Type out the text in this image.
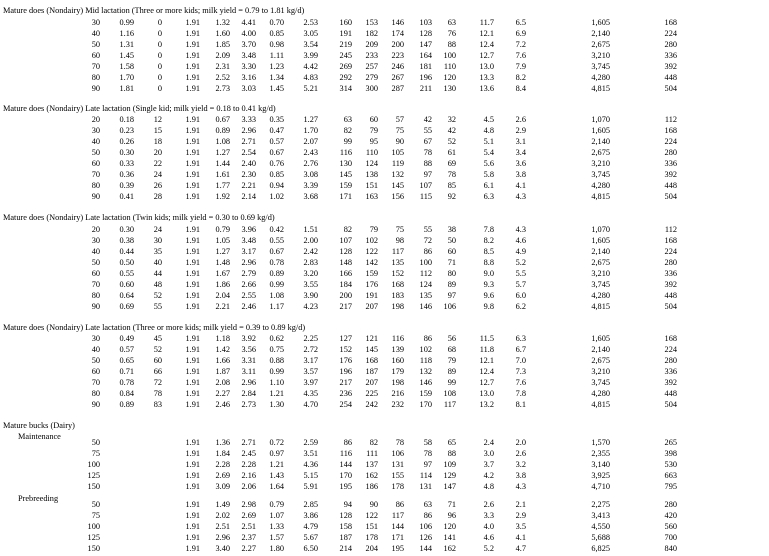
Mature does (Nondairy) Mid lactation (Three or more kids; milk yield = 0.79 to 1.81 kg/d)
30 0.99	0	1.91 1.32 4.41 0.70 2.53	160 153 146 103 63	11.7	6.5	1,605	168
40 1.16	0	1.91 1.60 4.00 0.85 3.05	191 182 174 128 76	12.1	6.9	2,140	224
50 1.31	0	1.91 1.85 3.70 0.98 3.54	219 209 200 147 88	12.4	7.2	2,675	280
60 1.45	0	1.91 2.09 3.48 1.11 3.99	245 233 223 164 100	12.7	7.6	3,210	336
70 1.58	0	1.91 2.31 3.30 1.23 4.42	269 257 246 181 110	13.0	7.9	3,745	392
80 1.70	0	1.91 2.52 3.16 1.34 4.83	292 279 267 196 120	13.3	8.2	4,280	448
90 1.81	0	1.91 2.73 3.03 1.45 5.21	314 300 287 211 130	13.6	8.4	4,815	504
Mature does (Nondairy) Late lactation (Single kid; milk yield = 0.18 to 0.41 kg/d)
20 0.18 12	1.91 0.67 3.33 0.35 1.27	63 60 57 42 32	4.5	2.6	1,070	112
30 0.23 15	1.91 0.89 2.96 0.47 1.70	82 79 75 55 42	4.8	2.9	1,605	168
40 0.26 18	1.91 1.08 2.71 0.57 2.07	99 95 90 67 52	5.1	3.1	2,140	224
50 0.30 20	1.91 1.27 2.54 0.67 2.43	116 110 105 78 61	5.4	3.4	2,675	280
60 0.33 22	1.91 1.44 2.40 0.76 2.76	130 124 119 88 69	5.6	3.6	3,210	336
70 0.36 24	1.91 1.61 2.30 0.85 3.08	145 138 132 97 78	5.8	3.8	3,745	392
80 0.39 26	1.91 1.77 2.21 0.94 3.39	159 151 145 107 85	6.1	4.1	4,280	448
90 0.41 28	1.91 1.92 2.14 1.02 3.68	171 163 156 115 92	6.3	4.3	4,815	504
Mature does (Nondairy) Late lactation (Twin kids; milk yield = 0.30 to 0.69 kg/d)
20 0.30 24	1.91 0.79 3.96 0.42 1.51	82 79 75 55 38	7.8	4.3	1,070	112
30 0.38 30	1.91 1.05 3.48 0.55 2.00	107 102 98 72 50	8.2	4.6	1,605	168
40 0.44 35	1.91 1.27 3.17 0.67 2.42	128 122 117 86 60	8.5	4.9	2,140	224
50 0.50 40	1.91 1.48 2.96 0.78 2.83	148 142 135 100 71	8.8	5.2	2,675	280
60 0.55 44	1.91 1.67 2.79 0.89 3.20	166 159 152 112 80	9.0	5.5	3,210	336
70 0.60 48	1.91 1.86 2.66 0.99 3.55	184 176 168 124 89	9.3	5.7	3,745	392
80 0.64 52	1.91 2.04 2.55 1.08 3.90	200 191 183 135 97	9.6	6.0	4,280	448
90 0.69 55	1.91 2.21 2.46 1.17 4.23	217 207 198 146 106	9.8	6.2	4,815	504
Mature does (Nondairy) Late lactation (Three or more kids; milk yield = 0.39 to 0.89 kg/d)
30 0.49 45	1.91 1.18 3.92 0.62 2.25	127 121 116 86 56	11.5	6.3	1,605	168
40 0.57 52	1.91 1.42 3.56 0.75 2.72	152 145 139 102 68	11.8	6.7	2,140	224
50 0.65 60	1.91 1.66 3.31 0.88 3.17	176 168 160 118 79	12.1	7.0	2,675	280
60 0.71 66	1.91 1.87 3.11 0.99 3.57	196 187 179 132 89	12.4	7.3	3,210	336
70 0.78 72	1.91 2.08 2.96 1.10 3.97	217 207 198 146 99	12.7	7.6	3,745	392
80 0.84 78	1.91 2.27 2.84 1.21 4.35	236 225 216 159 108	13.0	7.8	4,280	448
90 0.89 83	1.91 2.46 2.73 1.30 4.70	254 242 232 170 117	13.2	8.1	4,815	504
Mature bucks (Dairy)
Maintenance
50	1.91 1.36 2.71 0.72 2.59	86 82 78 58 65	2.4	2.0	1,570	265
75	1.91 1.84 2.45 0.97 3.51	116 111 106 78 88	3.0	2.6	2,355	398
100	1.91 2.28 2.28 1.21 4.36	144 137 131 97 109	3.7	3.2	3,140	530
125	1.91 2.69 2.16 1.43 5.15	170 162 155 114 129	4.2	3.8	3,925	663
150	1.91 3.09 2.06 1.64 5.91	195 186 178 131 147	4.8	4.3	4,710	795
Prebreeding
50	1.91 1.49 2.98 0.79 2.85	94 90 86 63 71	2.6	2.1	2,275	280
75	1.91 2.02 2.69 1.07 3.86	128 122 117 86 96	3.3	2.9	3,413	420
100	1.91 2.51 2.51 1.33 4.79	158 151 144 106 120	4.0	3.5	4,550	560
125	1.91 2.96 2.37 1.57 5.67	187 178 171 126 141	4.6	4.1	5,688	700
150	1.91 3.40 2.27 1.80 6.50	214 204 195 144 162	5.2	4.7	6,825	840
